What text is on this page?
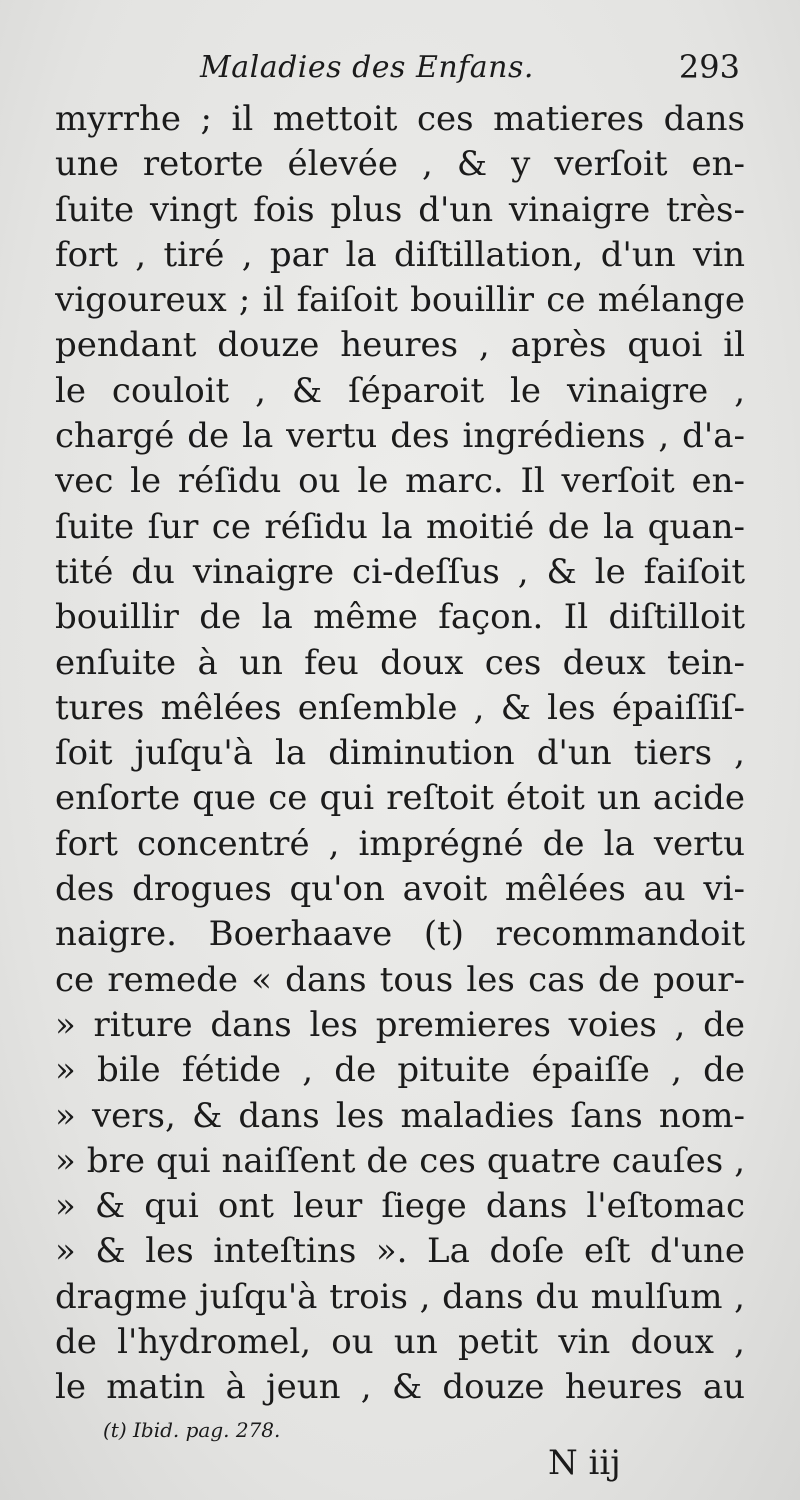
Maladies des Enfans.	293
myrrhe ; il mettoit ces matieres dans
une retorte élevée , & y verſoit en-
ſuite vingt fois plus d'un vinaigre très-
fort , tiré , par la diſtillation, d'un vin
vigoureux ; il faiſoit bouillir ce mélange
pendant douze heures , après quoi il
le couloit , & ſéparoit le vinaigre ,
chargé de la vertu des ingrédiens , d'a-
vec le réſidu ou le marc. Il verſoit en-
ſuite ſur ce réſidu la moitié de la quan-
tité du vinaigre ci-deſſus , & le faiſoit
bouillir de la même façon. Il diſtilloit
enſuite à un feu doux ces deux tein-
tures mêlées enſemble , & les épaiſſiſ-
ſoit juſqu'à la diminution d'un tiers ,
enſorte que ce qui reſtoit étoit un acide
fort concentré , imprégné de la vertu
des drogues qu'on avoit mêlées au vi-
naigre. Boerhaave (t) recommandoit
ce remede « dans tous les cas de pour-
» riture dans les premieres voies , de
» bile fétide , de pituite épaiſſe , de
» vers, & dans les maladies ſans nom-
» bre qui naiſſent de ces quatre cauſes ,
» & qui ont leur ſiege dans l'eſtomac
» & les inteſtins ». La doſe eſt d'une
dragme juſqu'à trois , dans du mulſum ,
de l'hydromel, ou un petit vin doux ,
le matin à jeun , & douze heures au
(t) Ibid. pag. 278.
N iij
